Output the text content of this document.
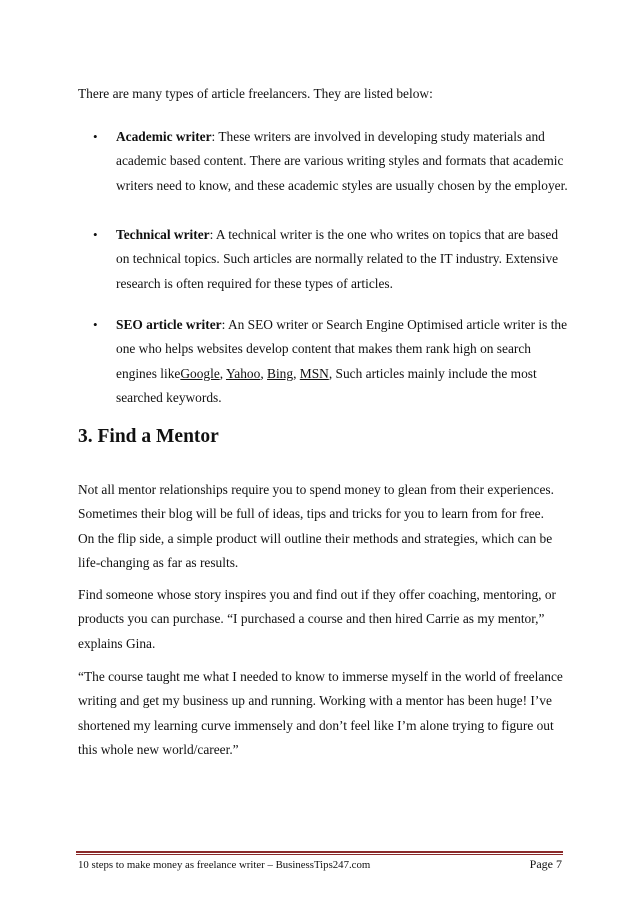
There are many types of article freelancers. They are listed below:

• Academic writer: These writers are involved in developing study materials and academic based content. There are various writing styles and formats that academic writers need to know, and these academic styles are usually chosen by the employer.
• Technical writer: A technical writer is the one who writes on topics that are based on technical topics. Such articles are normally related to the IT industry. Extensive research is often required for these types of articles.
• SEO article writer: An SEO writer or Search Engine Optimised article writer is the one who helps websites develop content that makes them rank high on search engines likeGoogle, Yahoo, Bing, MSN, Such articles mainly include the most searched keywords.
3. Find a Mentor

Not all mentor relationships require you to spend money to glean from their experiences. Sometimes their blog will be full of ideas, tips and tricks for you to learn from for free. On the flip side, a simple product will outline their methods and strategies, which can be life-changing as far as results.

Find someone whose story inspires you and find out if they offer coaching, mentoring, or products you can purchase. “I purchased a course and then hired Carrie as my mentor,” explains Gina.

“The course taught me what I needed to know to immerse myself in the world of freelance writing and get my business up and running. Working with a mentor has been huge! I’ve shortened my learning curve immensely and don’t feel like I’m alone trying to figure out this whole new world/career.”

10 steps to make money as freelance writer – BusinessTips247.com	Page 7
